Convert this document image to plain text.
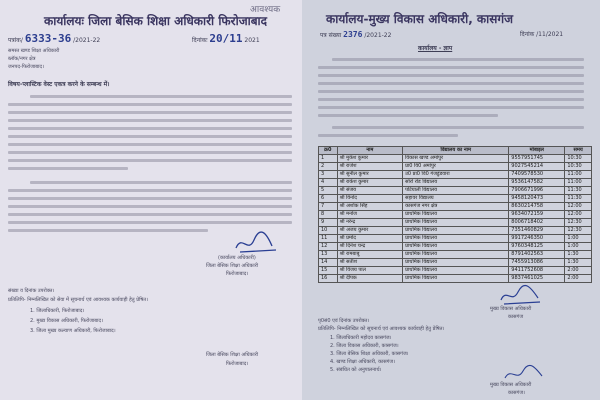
आवश्यक
कार्यालयः जिला बेसिक शिक्षा अधिकारी फिरोजाबाद
पत्रांक/ 6333-36 /2021-22	दिनांकः 20/11 2021
समस्त खण्ड शिक्षा अधिकारी
ब्लॉक/नगर क्षेत्र
जनपद-फिरोजाबाद।
विषय-प्लास्टिक वेस्ट एकत्र करने के सम्बन्ध में।
(कार्यालय अधिकारी)
जिला बेसिक शिक्षा अधिकारी
फिरोजाबाद।
संख्या व दिनांक उपरोक्त।
प्रतिलिपि- निम्नलिखित को सेवा में सूचनार्थ एवं आवश्यक कार्यवाही हेतु प्रेषित।
1. जिलाधिकारी, फिरोजाबाद।
2. मुख्य विकास अधिकारी, फिरोजाबाद।
3. जिला मुख्य कल्याण अधिकारी, फिरोजाबाद।
जिला बेसिक शिक्षा अधिकारी
फिरोजाबाद।
कार्यालय-मुख्य विकास अधिकारी, कासगंज
पत्र संख्या 2376 /2021-22	दिनांक /11/2021
कार्यालय - ज्ञाप
क्र0	नाम	विद्यालय का नाम	मोबाइल	समय
1	श्री मुकेश कुमार	विकास खण्ड अमांपुर	9557951745	10:30
2	श्री राजेश	प्रा0 वि0 अमांपुर	9027545214	10:30
3	श्री सुनील कुमार	उ0 प्रा0 वि0 गंजडुंडवारा	7409578530	11:00
4	श्री राकेश कुमार	सोरों रोड विद्यालय	9536147582	11:00
5	श्री संजय	पटियाली विद्यालय	7906671996	11:30
6	श्री विनोद	सहावर विद्यालय	9458120473	11:30
7	श्री अशोक सिंह	कासगंज नगर क्षेत्र	8630214758	12:00
8	श्री मनोज	प्राथमिक विद्यालय	9634072159	12:00
9	श्री नरेन्द्र	प्राथमिक विद्यालय	8006718402	12:30
10	श्री अजय कुमार	प्राथमिक विद्यालय	7351460829	12:30
11	श्री प्रमोद	प्राथमिक विद्यालय	9917246350	1:00
12	श्री दिनेश चन्द्र	प्राथमिक विद्यालय	9760348125	1:00
13	श्री रामबाबू	प्राथमिक विद्यालय	8791402563	1:30
14	श्री सतीश	प्राथमिक विद्यालय	7455913086	1:30
15	श्री विजय पाल	प्राथमिक विद्यालय	9411752608	2:00
16	श्री दीपक	प्राथमिक विद्यालय	9837461025	2:00
मुख्य विकास अधिकारी
कासगंज
पृ0सं0 एवं दिनांक उपरोक्त।
प्रतिलिपि- निम्नलिखित को सूचनार्थ एवं आवश्यक कार्यवाही हेतु प्रेषित।
1. जिलाधिकारी महोदय कासगंज।
2. जिला विकास अधिकारी, कासगंज।
3. जिला बेसिक शिक्षा अधिकारी, कासगंज।
4. खण्ड शिक्षा अधिकारी, कासगंज।
5. संबंधित को अनुपालनार्थ।
मुख्य विकास अधिकारी
कासगंज।
